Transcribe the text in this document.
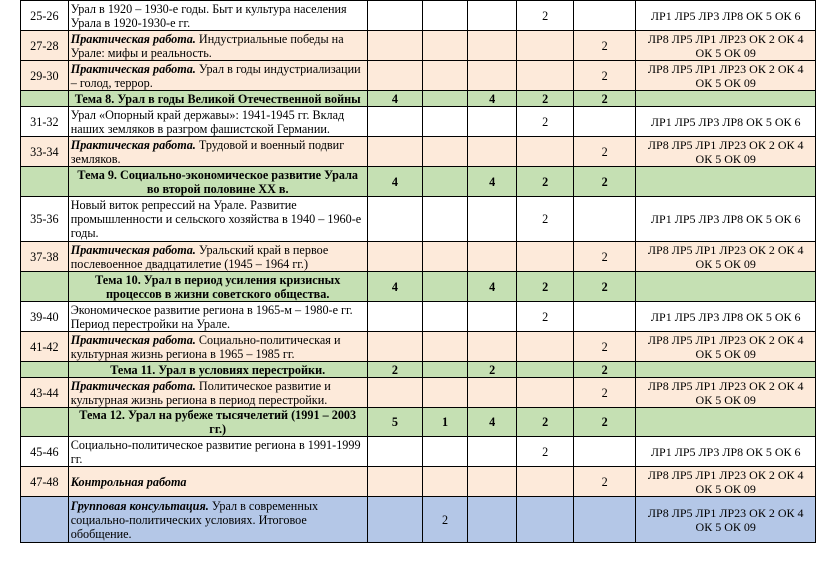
25-26	Урал в 1920 – 1930-е годы. Быт и культура населения Урала в 1920-1930-е гг.				2		ЛР1 ЛР5 ЛР3 ЛР8 ОК 5 ОК 6
27-28	Практическая работа. Индустриальные победы на Урале: мифы и реальность.					2	ЛР8 ЛР5 ЛР1 ЛР23 ОК 2 ОК 4 ОК 5 ОК 09
29-30	Практическая работа. Урал в годы индустриализации – голод, террор.					2	ЛР8 ЛР5 ЛР1 ЛР23 ОК 2 ОК 4 ОК 5 ОК 09
	Тема 8. Урал в годы Великой Отечественной войны	4		4	2	2	
31-32	Урал «Опорный край державы»: 1941-1945 гг. Вклад наших земляков в разгром фашистской Германии.				2		ЛР1 ЛР5 ЛР3 ЛР8 ОК 5 ОК 6
33-34	Практическая работа. Трудовой и военный подвиг земляков.					2	ЛР8 ЛР5 ЛР1 ЛР23 ОК 2 ОК 4 ОК 5 ОК 09
	Тема 9. Социально-экономическое развитие Урала во второй половине XX в.	4		4	2	2	
35-36	Новый виток репрессий на Урале. Развитие промышленности и сельского хозяйства в 1940 – 1960-е годы.				2		ЛР1 ЛР5 ЛР3 ЛР8 ОК 5 ОК 6
37-38	Практическая работа. Уральский край в первое послевоенное двадцатилетие (1945 – 1964 гг.)					2	ЛР8 ЛР5 ЛР1 ЛР23 ОК 2 ОК 4 ОК 5 ОК 09
	Тема 10. Урал в период усиления кризисных процессов в жизни советского общества.	4		4	2	2	
39-40	Экономическое развитие региона в 1965-м – 1980-е гг. Период перестройки на Урале.				2		ЛР1 ЛР5 ЛР3 ЛР8 ОК 5 ОК 6
41-42	Практическая работа. Социально-политическая и культурная жизнь региона в 1965 – 1985 гг.					2	ЛР8 ЛР5 ЛР1 ЛР23 ОК 2 ОК 4 ОК 5 ОК 09
	Тема 11. Урал в условиях перестройки.	2		2		2	
43-44	Практическая работа. Политическое развитие и культурная жизнь региона в период перестройки.					2	ЛР8 ЛР5 ЛР1 ЛР23 ОК 2 ОК 4 ОК 5 ОК 09
	Тема 12. Урал на рубеже тысячелетий (1991 – 2003 гг.)	5	1	4	2	2	
45-46	Социально-политическое развитие региона в 1991-1999 гг.				2		ЛР1 ЛР5 ЛР3 ЛР8 ОК 5 ОК 6
47-48	Контрольная работа					2	ЛР8 ЛР5 ЛР1 ЛР23 ОК 2 ОК 4 ОК 5 ОК 09
	Групповая консультация. Урал в современных социально-политических условиях. Итоговое обобщение.		2				ЛР8 ЛР5 ЛР1 ЛР23 ОК 2 ОК 4 ОК 5 ОК 09
